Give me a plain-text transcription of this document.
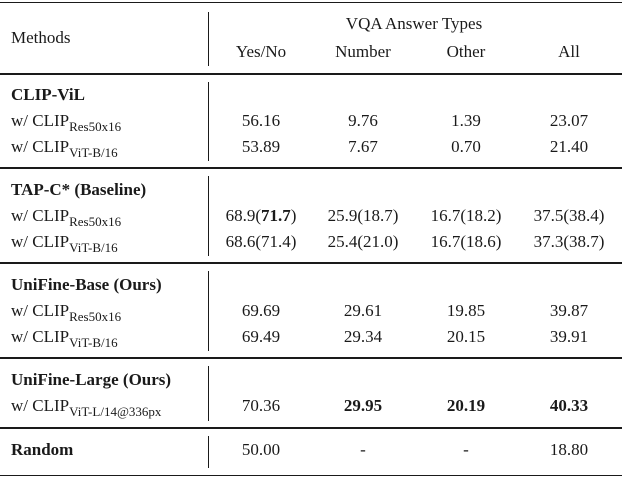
Methods
VQA Answer Types
Yes/No	Number	Other	All
CLIP-ViL
w/ $CLIP_{Res50x16}$	56.16	9.76	1.39	23.07
w/ $CLIP_{ViT-B/16}$	53.89	7.67	0.70	21.40
TAP-C* (Baseline)
w/ $CLIP_{Res50x16}$	68.9(71.7) 25.9(18.7) 16.7(18.2) 37.5(38.4)
w/ $CLIP_{ViT-B/16}$	68.6(71.4) 25.4(21.0) 16.7(18.6) 37.3(38.7)
UniFine-Base (Ours)
w/ $CLIP_{Res50x16}$	69.69	29.61	19.85	39.87
w/ $CLIP_{ViT-B/16}$	69.49	29.34	20.15	39.91
UniFine-Large (Ours)
w/ $CLIP_{ViT-L/14@336px}$	70.36	29.95	20.19	40.33
Random	50.00	-	-	18.80
